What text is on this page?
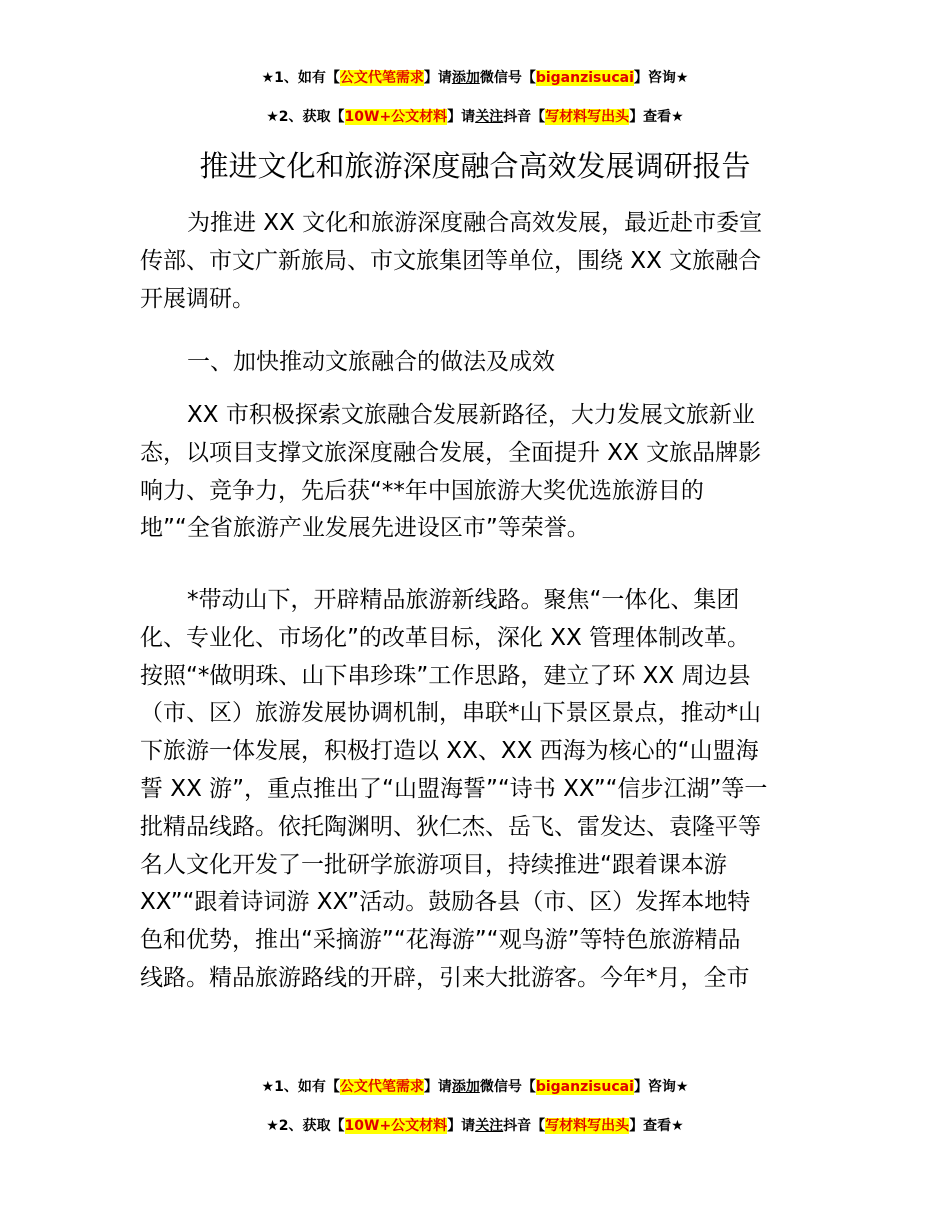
★1、如有【公文代笔需求】请添加微信号【biganzisucai】咨询★
★2、获取【10W+公文材料】请关注抖音【写材料写出头】查看★
推进文化和旅游深度融合高效发展调研报告
为推进 XX 文化和旅游深度融合高效发展，最近赴市委宣
传部、市文广新旅局、市文旅集团等单位，围绕 XX 文旅融合
开展调研。
一、加快推动文旅融合的做法及成效
XX 市积极探索文旅融合发展新路径，大力发展文旅新业
态，以项目支撑文旅深度融合发展，全面提升 XX 文旅品牌影
响力、竞争力，先后获“**年中国旅游大奖优选旅游目的
地”“全省旅游产业发展先进设区市”等荣誉。
*带动山下，开辟精品旅游新线路。聚焦“一体化、集团
化、专业化、市场化”的改革目标，深化 XX 管理体制改革。
按照“*做明珠、山下串珍珠”工作思路，建立了环 XX 周边县
（市、区）旅游发展协调机制，串联*山下景区景点，推动*山
下旅游一体发展，积极打造以 XX、XX 西海为核心的“山盟海
誓 XX 游”，重点推出了“山盟海誓”“诗书 XX”“信步江湖”等一
批精品线路。依托陶渊明、狄仁杰、岳飞、雷发达、袁隆平等
名人文化开发了一批研学旅游项目，持续推进“跟着课本游
XX”“跟着诗词游 XX”活动。鼓励各县（市、区）发挥本地特
色和优势，推出“采摘游”“花海游”“观鸟游”等特色旅游精品
线路。精品旅游路线的开辟，引来大批游客。今年*月，全市
★1、如有【公文代笔需求】请添加微信号【biganzisucai】咨询★
★2、获取【10W+公文材料】请关注抖音【写材料写出头】查看★
